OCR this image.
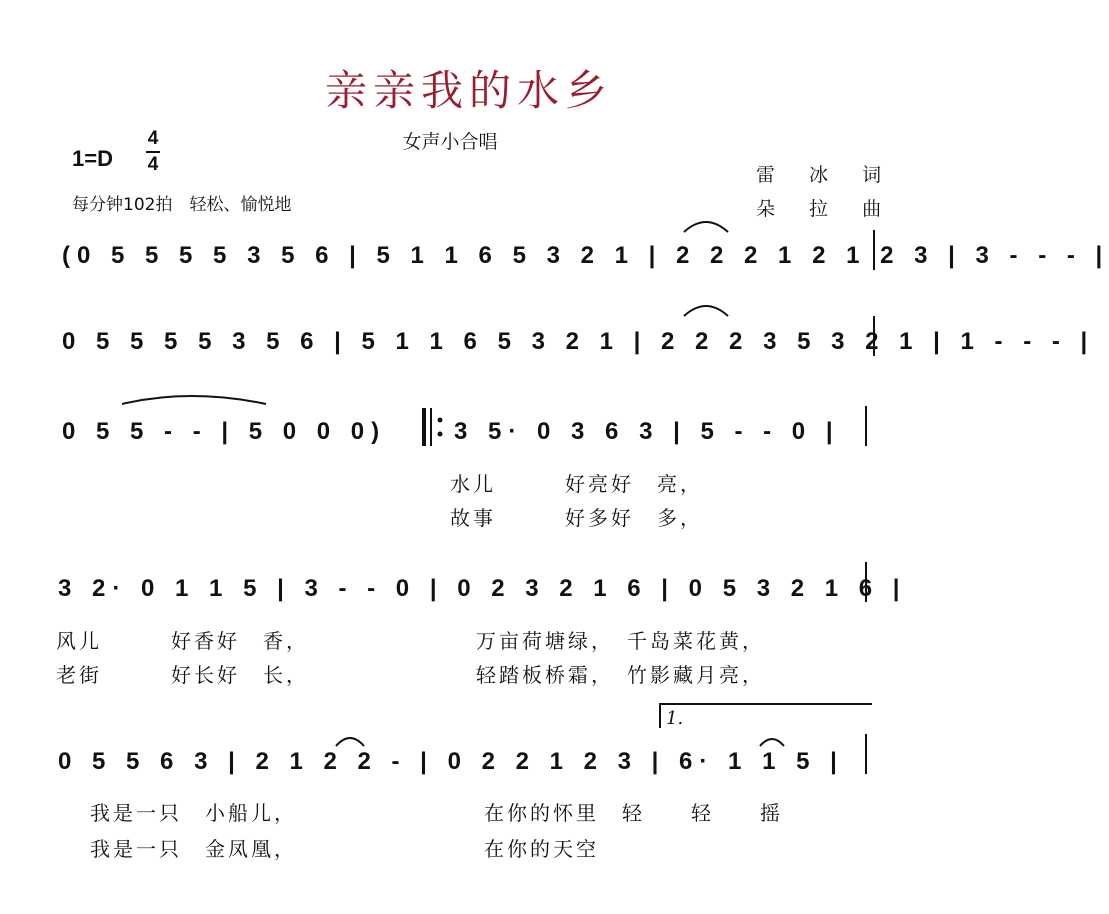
亲亲我的水乡
女声小合唱
1=D
4
4
每分钟102拍　轻松、愉悦地
雷 冰 词
朵 拉 曲
(0 5 5 5 5 3 5 6 | 5 1 1 6 5 3 2 1 | 2 2 2 1 2 1 2 3 | 3 - - - |
0 5 5 5 5 3 5 6 | 5 1 1 6 5 3 2 1 | 2 2 2 3 5 3 2 1 | 1 - - - |
0 5 5 - - | 5 0 0 0)	3 5· 0 3 6 3 | 5 - - 0 |
水儿　　　好亮好　亮，
故事　　　好多好　多，
3 2· 0 1 1 5 | 3 - - 0 | 0 2 3 2 1 6 | 0 5 3 2 1 6 |
风儿　　　好香好　香，	万亩荷塘绿，　千岛菜花黄，
老街　　　好长好　长，	轻踏板桥霜，　竹影藏月亮，
0 5 5 6 3 | 2 1 2 2 - | 0 2 2 1 2 3 | 6· 1 1 5 |
1.
我是一只　小船儿，	在你的怀里　轻　　轻　　摇
我是一只　金凤凰，	在你的天空
